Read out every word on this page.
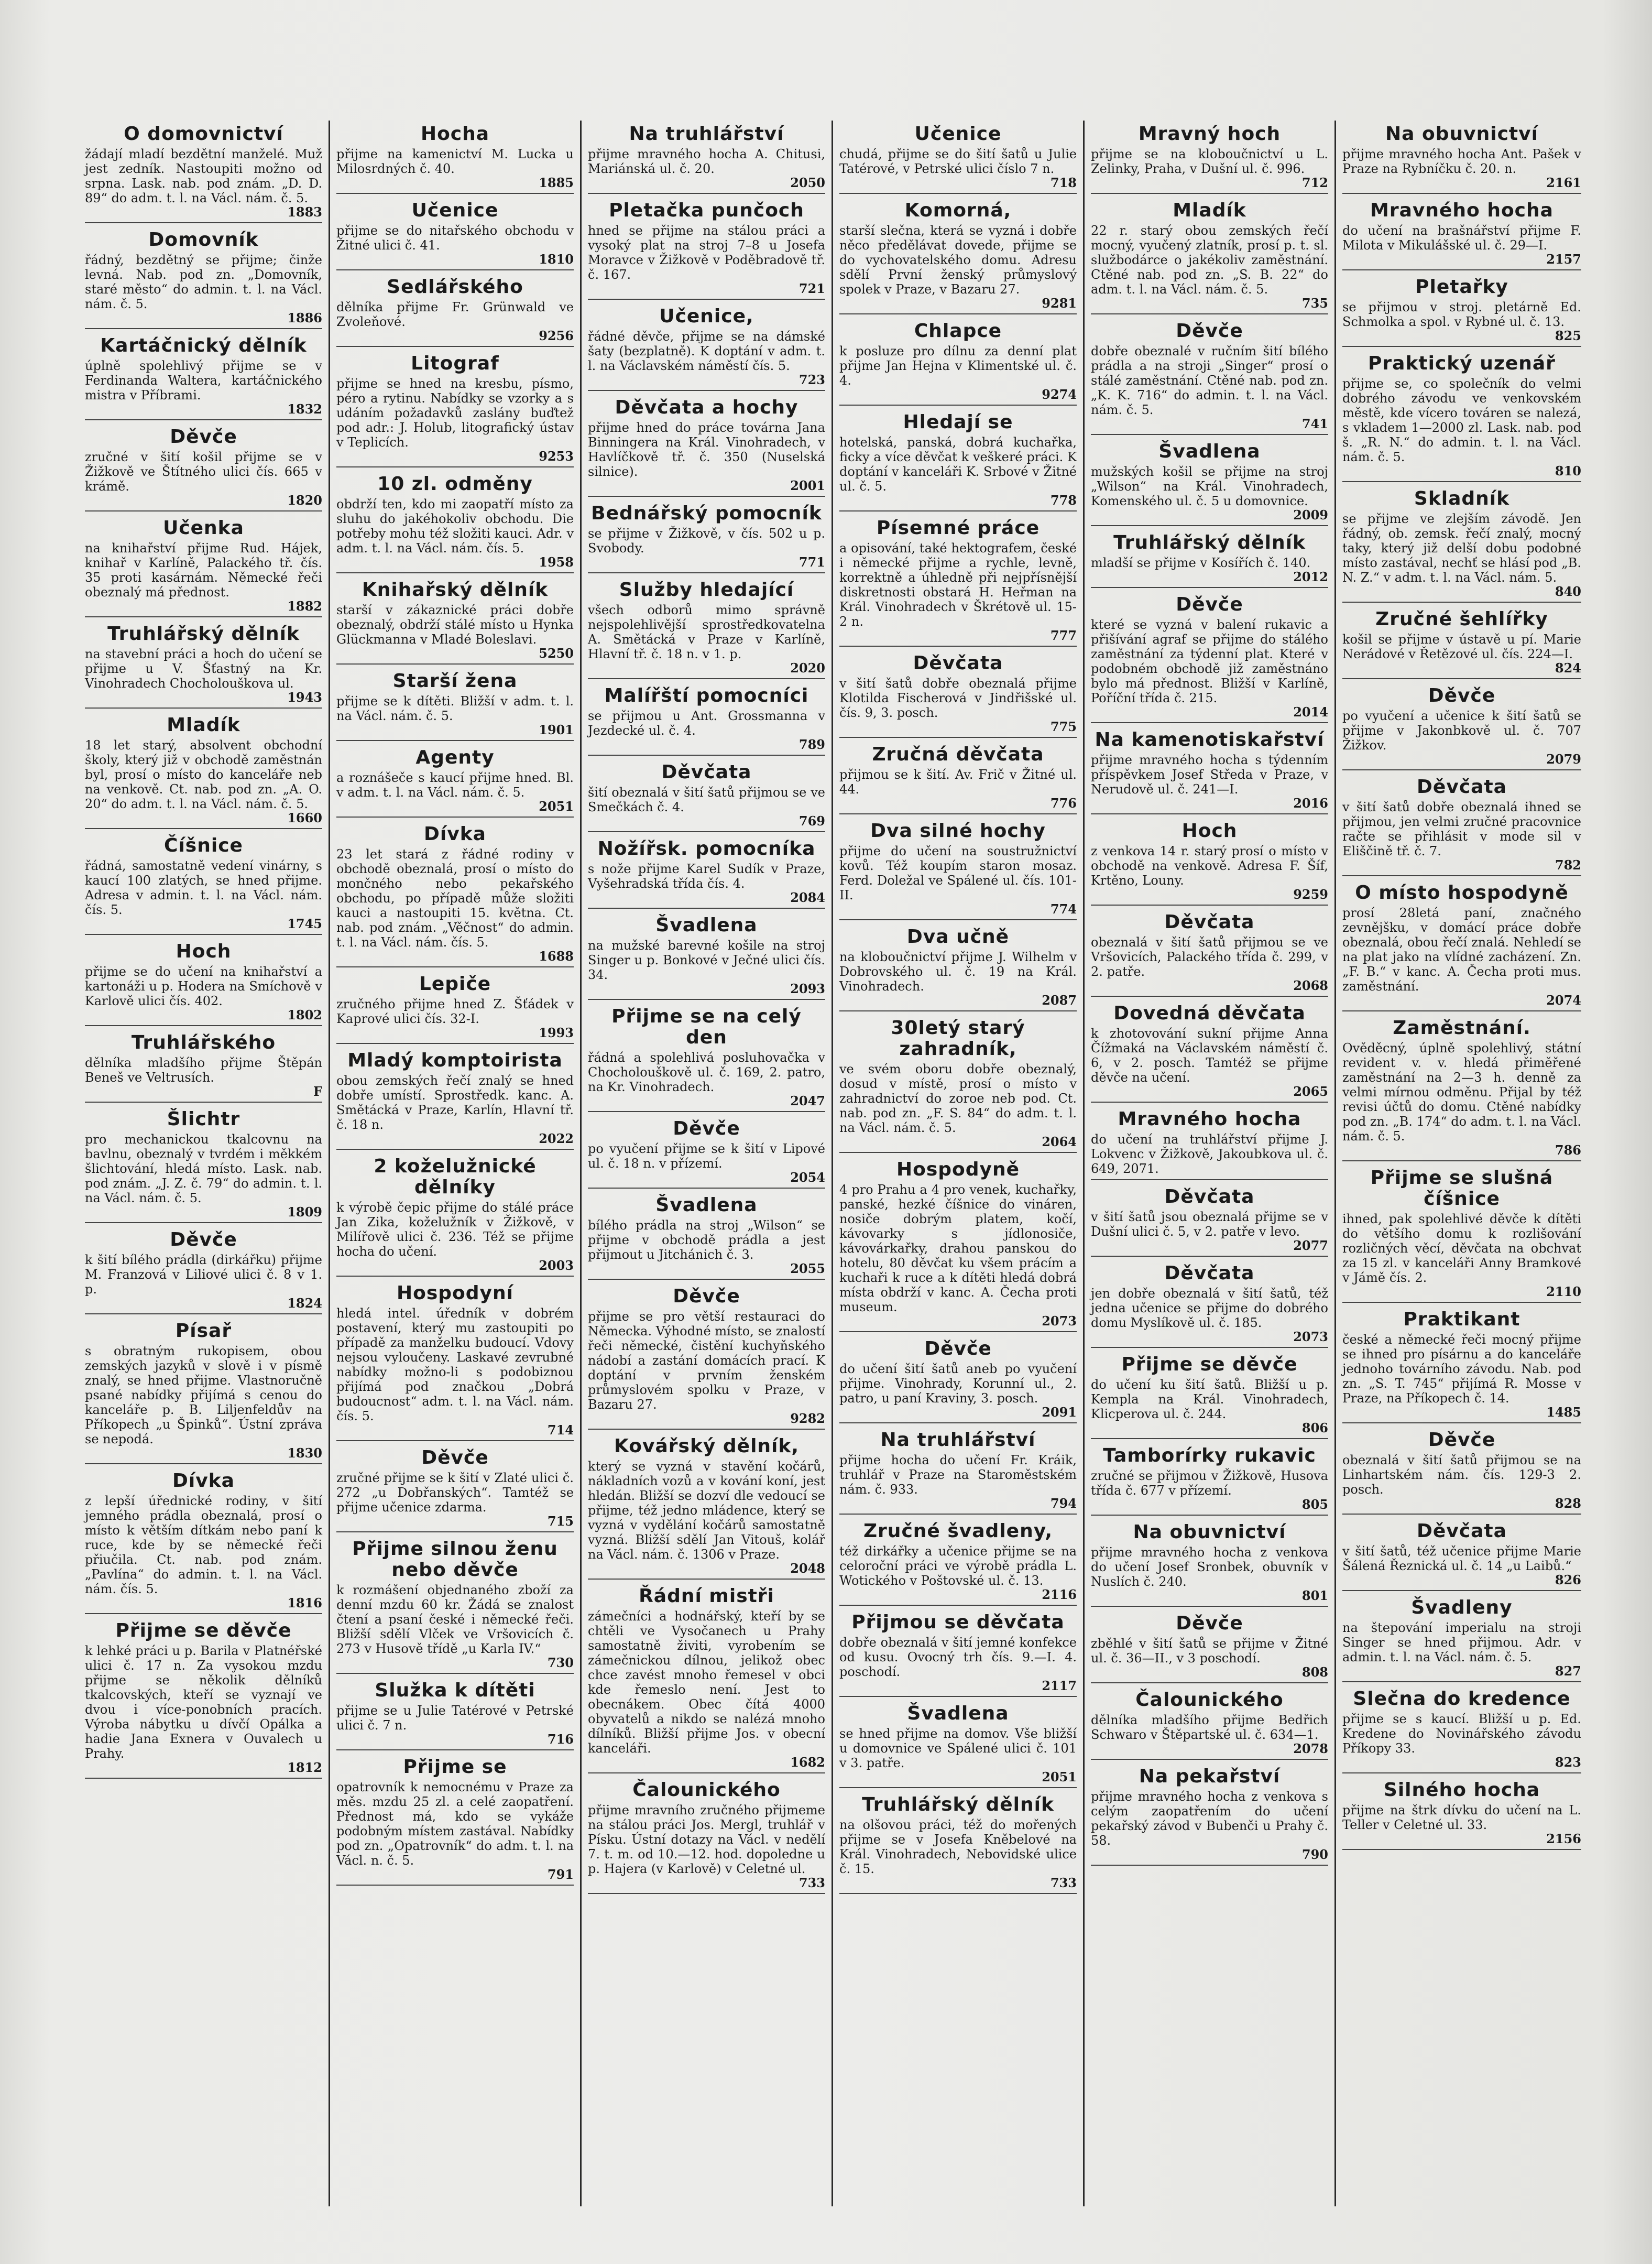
O domovnictví

žádají mladí bezdětní manželé. Muž jest zedník. Nastoupiti možno od srpna. Lask. nab. pod znám. „D. D. 89“ do adm. t. l. na Václ. nám. č. 5.

1883
Domovník

řádný, bezdětný se přijme; činže levná. Nab. pod zn. „Domovník, staré město“ do admin. t. l. na Václ. nám. č. 5.

1886
Kartáčnický dělník

úplně spolehlivý přijme se v Ferdinanda Waltera, kartáčnického mistra v Příbrami.

1832
Děvče

zručné v šití košil přijme se v Žižkově ve Štítného ulici čís. 665 v krámě.

1820
Učenka

na knihařství přijme Rud. Hájek, knihař v Karlíně, Palackého tř. čís. 35 proti kasárnám. Německé řeči obeznalý má přednost.

1882
Truhlářský dělník

na stavební práci a hoch do učení se přijme u V. Šťastný na Kr. Vinohradech Chocholouškova ul.

1943
Mladík

18 let starý, absolvent obchodní školy, který již v obchodě zaměstnán byl, prosí o místo do kanceláře neb na venkově. Ct. nab. pod zn. „A. O. 20“ do adm. t. l. na Václ. nám. č. 5.

1660
Číšnice

řádná, samostatně vedení vinárny, s kaucí 100 zlatých, se hned přijme. Adresa v admin. t. l. na Václ. nám. čís. 5.

1745
Hoch

přijme se do učení na knihařství a kartonáži u p. Hodera na Smíchově v Karlově ulici čís. 402.

1802
Truhlářského

dělníka mladšího přijme Štěpán Beneš ve Veltrusích.

F
Šlichtr

pro mechanickou tkalcovnu na bavlnu, obeznalý v tvrdém i měkkém šlichtování, hledá místo. Lask. nab. pod znám. „J. Z. č. 79“ do admin. t. l. na Václ. nám. č. 5.

1809
Děvče

k šití bílého prádla (dirkářku) přijme M. Franzová v Liliové ulici č. 8 v 1. p.

1824
Písař

s obratným rukopisem, obou zemských jazyků v slově i v písmě znalý, se hned přijme. Vlastnoručně psané nabídky přijímá s cenou do kanceláře p. B. Liljenfeldův na Příkopech „u Špinků“. Ústní zpráva se nepodá.

1830
Dívka

z lepší úřednické rodiny, v šití jemného prádla obeznalá, prosí o místo k větším dítkám nebo paní k ruce, kde by se německé řeči přiučila. Ct. nab. pod znám. „Pavlína“ do admin. t. l. na Václ. nám. čís. 5.

1816
Přijme se děvče

k lehké práci u p. Barila v Platnéřské ulici č. 17 n. Za vysokou mzdu přijme se několik dělníků tkalcovských, kteří se vyznají ve dvou i více-ponobních pracích. Výroba nábytku u dívčí Opálka a hadie Jana Exnera v Ouvalech u Prahy.

1812
Hocha

přijme na kamenictví M. Lucka u Milosrdných č. 40.

1885
Učenice

přijme se do nitařského obchodu v Žitné ulici č. 41.

1810
Sedlářského

dělníka přijme Fr. Grünwald ve Zvoleňové.

9256
Litograf

přijme se hned na kresbu, písmo, péro a rytinu. Nabídky se vzorky a s udáním požadavků zaslány buďtež pod adr.: J. Holub, litografický ústav v Teplicích.

9253
10 zl. odměny

obdrží ten, kdo mi zaopatří místo za sluhu do jakéhokoliv obchodu. Die potřeby mohu též složiti kauci. Adr. v adm. t. l. na Václ. nám. čís. 5.

1958
Knihařský dělník

starší v zákaznické práci dobře obeznalý, obdrží stálé místo u Hynka Glückmanna v Mladé Boleslavi.

5250
Starší žena

přijme se k dítěti. Bližší v adm. t. l. na Václ. nám. č. 5.

1901
Agenty

a roznášeče s kaucí přijme hned. Bl. v adm. t. l. na Václ. nám. č. 5.

2051
Dívka

23 let stará z řádné rodiny v obchodě obeznalá, prosí o místo do mončného nebo pekařského obchodu, po případě může složiti kauci a nastoupiti 15. května. Ct. nab. pod znám. „Věčnost“ do admin. t. l. na Václ. nám. čís. 5.

1688
Lepiče

zručného přijme hned Z. Šťádek v Kaprové ulici čís. 32-I.

1993
Mladý komptoirista

obou zemských řečí znalý se hned dobře umístí. Sprostředk. kanc. A. Smětácká v Praze, Karlín, Hlavní tř. č. 18 n.

2022
2 koželužnické dělníky

k výrobě čepic přijme do stálé práce Jan Zika, koželužník v Žižkově, v Milířově ulici č. 236. Též se přijme hocha do učení.

2003
Hospodyní

hledá intel. úředník v dobrém postavení, který mu zastoupiti po případě za manželku budoucí. Vdovy nejsou vyloučeny. Laskavé zevrubné nabídky možno-li s podobiznou přijímá pod značkou „Dobrá budoucnost“ adm. t. l. na Václ. nám. čís. 5.

714
Děvče

zručné přijme se k šití v Zlaté ulici č. 272 „u Dobřanských“. Tamtéž se přijme učenice zdarma.

715
Přijme silnou ženu nebo děvče

k rozmášení objednaného zboží za denní mzdu 60 kr. Žádá se znalost čtení a psaní české i německé řeči. Bližší sdělí Vlček ve Vršovicích č. 273 v Husově třídě „u Karla IV.“

730
Služka k dítěti

přijme se u Julie Tatérové v Petrské ulici č. 7 n.

716
Přijme se

opatrovník k nemocnému v Praze za měs. mzdu 25 zl. a celé zaopatření. Přednost má, kdo se vykáže podobným místem zastával. Nabídky pod zn. „Opatrovník“ do adm. t. l. na Václ. n. č. 5.

791
Na truhlářství

přijme mravného hocha A. Chitusi, Mariánská ul. č. 20.

2050
Pletačka punčoch

hned se přijme na stálou práci a vysoký plat na stroj 7–8 u Josefa Moravce v Žižkově v Poděbradově tř. č. 167.

721
Učenice,

řádné děvče, přijme se na dámské šaty (bezplatně). K doptání v adm. t. l. na Václavském náměstí čís. 5.

723
Děvčata a hochy

přijme hned do práce továrna Jana Binningera na Král. Vinohradech, v Havlíčkově tř. č. 350 (Nuselská silnice).

2001
Bednářský pomocník

se přijme v Žižkově, v čís. 502 u p. Svobody.

771
Služby hledající

všech odborů mimo správně nejspolehlivější sprostředkovatelna A. Smětácká v Praze v Karlíně, Hlavní tř. č. 18 n. v 1. p.

2020
Malířští pomocníci

se přijmou u Ant. Grossmanna v Jezdecké ul. č. 4.

789
Děvčata

šití obeznalá v šití šatů přijmou se ve Smečkách č. 4.

769
Nožířsk. pomocníka

s nože přijme Karel Sudík v Praze, Vyšehradská třída čís. 4.

2084
Švadlena

na mužské barevné košile na stroj Singer u p. Bonkové v Ječné ulici čís. 34.

2093
Přijme se na celý den

řádná a spolehlivá posluhovačka v Chocholouškově ul. č. 169, 2. patro, na Kr. Vinohradech.

2047
Děvče

po vyučení přijme se k šití v Lipové ul. č. 18 n. v přízemí.

2054
Švadlena

bílého prádla na stroj „Wilson“ se přijme v obchodě prádla a jest přijmout u Jitchánich č. 3.

2055
Děvče

přijme se pro větší restauraci do Německa. Výhodné místo, se znalostí řeči německé, čistění kuchyňského nádobí a zastání domácích prací. K doptání v prvním ženském průmyslovém spolku v Praze, v Bazaru 27.

9282
Kovářský dělník,

který se vyzná v stavění kočárů, nákladních vozů a v kování koní, jest hledán. Bližší se dozví dle vedoucí se přijme, též jedno mládence, který se vyzná v vydělání kočárů samostatně vyzná. Bližší sdělí Jan Vitouš, kolář na Václ. nám. č. 1306 v Praze.

2048
Řádní mistři

zámečníci a hodnářský, kteří by se chtěli ve Vysočanech u Prahy samostatně živiti, vyrobením se zámečnickou dílnou, jelikož obec chce zavést mnoho řemesel v obci kde řemeslo není. Jest to obecnákem. Obec čítá 4000 obyvatelů a nikdo se nalézá mnoho dílníků. Bližší přijme Jos. v obecní kanceláři.

1682
Čalounického

přijme mravního zručného přijmeme na stálou práci Jos. Mergl, truhlář v Písku. Ústní dotazy na Václ. v nedělí 7. t. m. od 10.—12. hod. dopoledne u p. Hajera (v Karlově) v Celetné ul.

733
Učenice

chudá, přijme se do šití šatů u Julie Tatérové, v Petrské ulici číslo 7 n.

718
Komorná,

starší slečna, která se vyzná i dobře něco předělávat dovede, přijme se do vychovatelského domu. Adresu sdělí První ženský průmyslový spolek v Praze, v Bazaru 27.

9281
Chlapce

k posluze pro dílnu za denní plat přijme Jan Hejna v Klimentské ul. č. 4.

9274
Hledají se

hotelská, panská, dobrá kuchařka, ficky a více děvčat k veškeré práci. K doptání v kanceláři K. Srbové v Žitné ul. č. 5.

778
Písemné práce

a opisování, také hektografem, české i německé přijme a rychle, levně, korrektně a úhledně při nejpřísnější diskretnosti obstará H. Heřman na Král. Vinohradech v Škrétově ul. 15-2 n.

777
Děvčata

v šití šatů dobře obeznalá přijme Klotilda Fischerová v Jindřišské ul. čís. 9, 3. posch.

775
Zručná děvčata

přijmou se k šití. Av. Frič v Žitné ul. 44.

776
Dva silné hochy

přijme do učení na soustružnictví kovů. Též koupím staron mosaz. Ferd. Doležal ve Spálené ul. čís. 101-II.

774
Dva učně

na kloboučnictví přijme J. Wilhelm v Dobrovského ul. č. 19 na Král. Vinohradech.

2087
30letý starý zahradník,

ve svém oboru dobře obeznalý, dosud v místě, prosí o místo v zahradnictví do zoroe neb pod. Ct. nab. pod zn. „F. S. 84“ do adm. t. l. na Václ. nám. č. 5.

2064
Hospodyně

4 pro Prahu a 4 pro venek, kuchařky, panské, hezké číšnice do vináren, nosiče dobrým platem, kočí, kávovarky s jídlonosiče, kávovárkařky, drahou panskou do hotelu, 80 děvčat ku všem prácím a kuchaři k ruce a k dítěti hledá dobrá místa obdrží v kanc. A. Čecha proti museum.

2073
Děvče

do učení šití šatů aneb po vyučení přijme. Vinohrady, Korunní ul., 2. patro, u paní Kraviny, 3. posch.

2091
Na truhlářství

přijme hocha do učení Fr. Kráik, truhlář v Praze na Staroměstském nám. č. 933.

794
Zručné švadleny,

též dirkářky a učenice přijme se na celoroční práci ve výrobě prádla L. Wotického v Poštovské ul. č. 13.

2116
Přijmou se děvčata

dobře obeznalá v šití jemné konfekce od kusu. Ovocný trh čís. 9.—I. 4. poschodí.

2117
Švadlena

se hned přijme na domov. Vše bližší u domovnice ve Spálené ulici č. 101 v 3. patře.

2051
Truhlářský dělník

na olšovou práci, též do mořených přijme se v Josefa Kněbelové na Král. Vinohradech, Nebovidské ulice č. 15.

733
Mravný hoch

přijme se na kloboučnictví u L. Zelinky, Praha, v Dušní ul. č. 996.

712
Mladík

22 r. starý obou zemských řečí mocný, vyučený zlatník, prosí p. t. sl. službodárce o jakékoliv zaměstnání. Ctěné nab. pod zn. „S. B. 22“ do adm. t. l. na Václ. nám. č. 5.

735
Děvče

dobře obeznalé v ručním šití bílého prádla a na stroji „Singer“ prosí o stálé zaměstnání. Ctěné nab. pod zn. „K. K. 716“ do admin. t. l. na Václ. nám. č. 5.

741
Švadlena

mužských košil se přijme na stroj „Wilson“ na Král. Vinohradech, Komenského ul. č. 5 u domovnice.

2009
Truhlářský dělník

mladší se přijme v Kosířích č. 140.

2012
Děvče

které se vyzná v balení rukavic a přišívání agraf se přijme do stálého zaměstnání za týdenní plat. Které v podobném obchodě již zaměstnáno bylo má přednost. Bližší v Karlíně, Poříční třída č. 215.

2014
Na kamenotiskařství

přijme mravného hocha s týdenním příspěvkem Josef Středa v Praze, v Nerudově ul. č. 241—I.

2016
Hoch

z venkova 14 r. starý prosí o místo v obchodě na venkově. Adresa F. Šíf, Krtěno, Louny.

9259
Děvčata

obeznalá v šití šatů přijmou se ve Vršovicích, Palackého třída č. 299, v 2. patře.

2068
Dovedná děvčata

k zhotovování sukní přijme Anna Čížmaká na Václavském náměstí č. 6, v 2. posch. Tamtéž se přijme děvče na učení.

2065
Mravného hocha

do učení na truhlářství přijme J. Lokvenc v Žižkově, Jakoubkova ul. č. 649, 2071.

Děvčata

v šití šatů jsou obeznalá přijme se v Dušní ulici č. 5, v 2. patře v levo.

2077
Děvčata

jen dobře obeznalá v šití šatů, též jedna učenice se přijme do dobrého domu Myslíkově ul. č. 185.

2073
Přijme se děvče

do učení ku šití šatů. Bližší u p. Kempla na Král. Vinohradech, Klicperova ul. č. 244.

806
Tamborírky rukavic

zručné se přijmou v Žižkově, Husova třída č. 677 v přízemí.

805
Na obuvnictví

přijme mravného hocha z venkova do učení Josef Sronbek, obuvník v Nuslích č. 240.

801
Děvče

zběhlé v šití šatů se přijme v Žitné ul. č. 36—II., v 3 poschodí.

808
Čalounického

dělníka mladšího přijme Bedřich Schwaro v Štěpartské ul. č. 634—1.

2078
Na pekařství

přijme mravného hocha z venkova s celým zaopatřením do učení pekařský závod v Bubenči u Prahy č. 58.

790
Na obuvnictví

přijme mravného hocha Ant. Pašek v Praze na Rybníčku č. 20. n.

2161
Mravného hocha

do učení na brašnářství přijme F. Milota v Mikulášské ul. č. 29—I.

2157
Pletařky

se přijmou v stroj. pletárně Ed. Schmolka a spol. v Rybné ul. č. 13.

825
Praktický uzenář

přijme se, co společník do velmi dobrého závodu ve venkovském městě, kde vícero továren se nalezá, s vkladem 1—2000 zl. Lask. nab. pod š. „R. N.“ do admin. t. l. na Václ. nám. č. 5.

810
Skladník

se přijme ve zlejším závodě. Jen řádný, ob. zemsk. řečí znalý, mocný taky, který již delší dobu podobné místo zastával, nechť se hlásí pod „B. N. Z.“ v adm. t. l. na Václ. nám. 5.

840
Zručné šehlířky

košil se přijme v ústavě u pí. Marie Nerádové v Řetězové ul. čís. 224—I.

824
Děvče

po vyučení a učenice k šití šatů se přijme v Jakonbkově ul. č. 707 Žižkov.

2079
Děvčata

v šití šatů dobře obeznalá ihned se přijmou, jen velmi zručné pracovnice račte se přihlásit v mode sil v Eliščině tř. č. 7.

782
O místo hospodyně

prosí 28letá paní, značného zevnějšku, v domácí práce dobře obeznalá, obou řečí znalá. Nehledí se na plat jako na vlídné zacházení. Zn. „F. B.“ v kanc. A. Čecha proti mus. zaměstnání.

2074
Zaměstnání.

Ověděcný, úplně spolehlivý, státní revident v. v. hledá přiměřené zaměstnání na 2—3 h. denně za velmi mírnou odměnu. Přijal by též revisi účtů do domu. Ctěné nabídky pod zn. „B. 174“ do adm. t. l. na Václ. nám. č. 5.

786
Přijme se slušná číšnice

ihned, pak spolehlivé děvče k dítěti do většího domu k rozlišování rozličných věcí, děvčata na obchvat za 15 zl. v kanceláři Anny Bramkové v Jámě čís. 2.

2110
Praktikant

české a německé řeči mocný přijme se ihned pro písárnu a do kanceláře jednoho továrního závodu. Nab. pod zn. „S. T. 745“ přijímá R. Mosse v Praze, na Příkopech č. 14.

1485
Děvče

obeznalá v šití šatů přijmou se na Linhartském nám. čís. 129-3 2. posch.

828
Děvčata

v šití šatů, též učenice přijme Marie Šálená Řeznická ul. č. 14 „u Laibů.“

826
Švadleny

na štepování imperialu na stroji Singer se hned přijmou. Adr. v admin. t. l. na Václ. nám. č. 5.

827
Slečna do kredence

přijme se s kaucí. Bližší u p. Ed. Kredene do Novinářského závodu Příkopy 33.

823
Silného hocha

přijme na štrk dívku do učení na L. Teller v Celetné ul. 33.

2156
